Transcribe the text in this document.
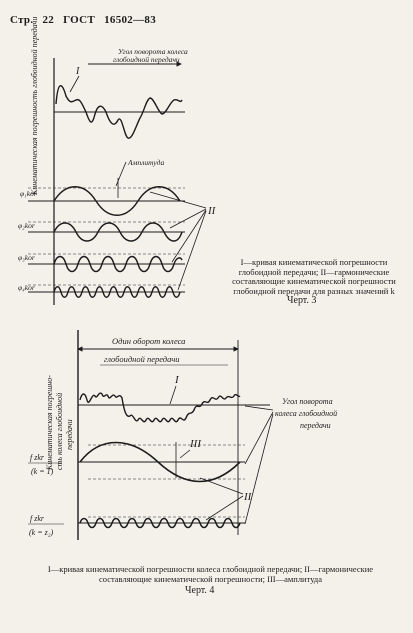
Стр. 22 ГОСТ 16502—83
Кинематическая погрешность глобоидной передачи	Угол поворота колеса
глобоидной передачи
I
Амплитуда
φ₁kor
φ₂kor
φ₃kor
φ₄kor
II
I—кривая кинематической погрешности глобоидной передачи; II—гармонические составляющие кинематической погрешности глобоидной передачи для разных значений k
Черт. 3
Кинематическая погрешно- сть колеса глобоидной передачи
Один оборот колеса
глобоидной передачи
I
Угол поворота
колеса глобоидной
передачи
III
f zkr
(k = 1)
f zkr
(k = z₂)
II
I—кривая кинематической погрешности колеса глобоидной передачи; II—гармонические составляющие кинематической погрешности; III—амплитуда
Черт. 4
